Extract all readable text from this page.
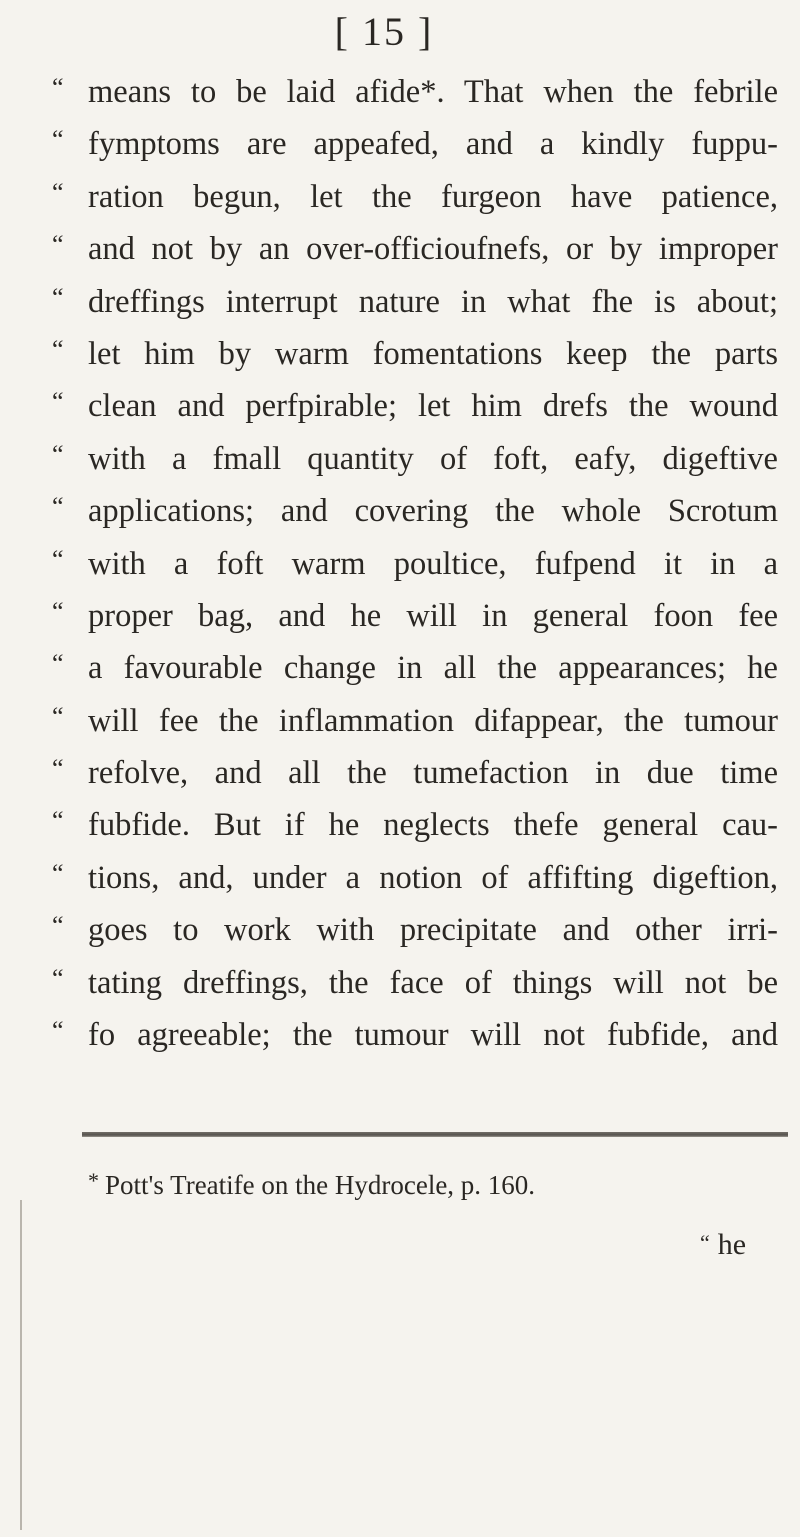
[ 15 ]
“ means to be laid afide*. That when the febrile
“ fymptoms are appeafed, and a kindly fuppu-
“ ration begun, let the furgeon have patience,
“ and not by an over-officioufnefs, or by improper
“ dreffings interrupt nature in what fhe is about;
“ let him by warm fomentations keep the parts
“ clean and perfpirable; let him drefs the wound
“ with a fmall quantity of foft, eafy, digeftive
“ applications; and covering the whole Scrotum
“ with a foft warm poultice, fufpend it in a
“ proper bag, and he will in general foon fee
“ a favourable change in all the appearances; he
“ will fee the inflammation difappear, the tumour
“ refolve, and all the tumefaction in due time
“ fubfide. But if he neglects thefe general cau-
“ tions, and, under a notion of affifting digeftion,
“ goes to work with precipitate and other irri-
“ tating dreffings, the face of things will not be
“ fo agreeable; the tumour will not fubfide, and
* Pott's Treatife on the Hydrocele, p. 160.
“ he
